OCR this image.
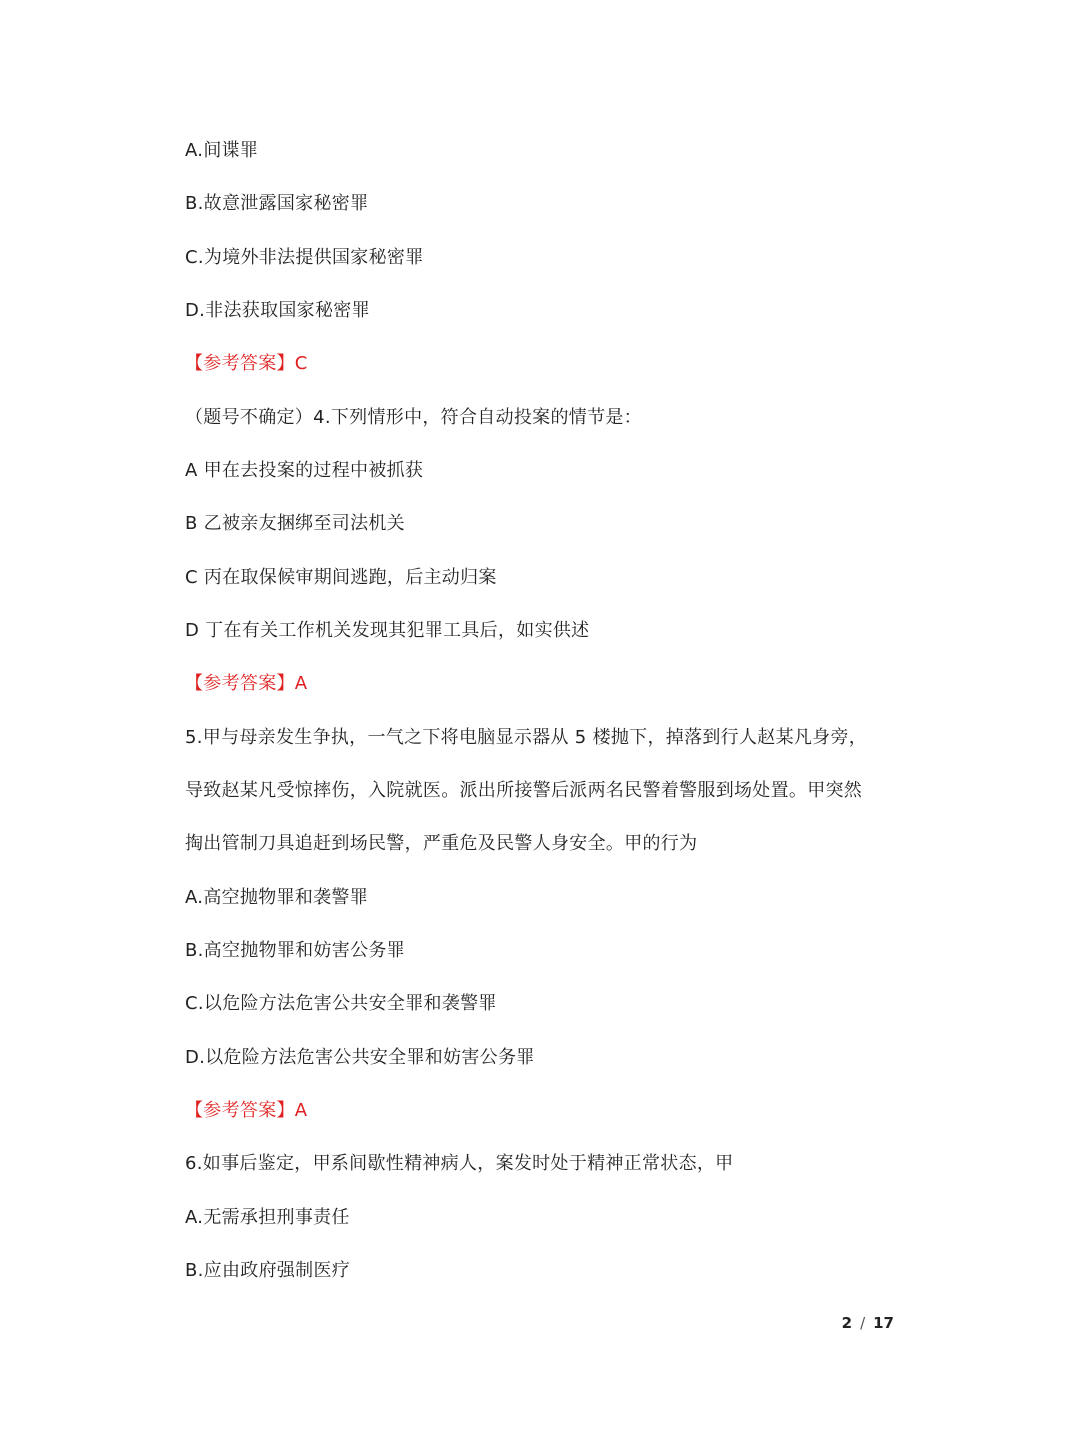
A.间谍罪
B.故意泄露国家秘密罪
C.为境外非法提供国家秘密罪
D.非法获取国家秘密罪
【参考答案】C
（题号不确定）4.下列情形中，符合自动投案的情节是：
A 甲在去投案的过程中被抓获
B 乙被亲友捆绑至司法机关
C 丙在取保候审期间逃跑，后主动归案
D 丁在有关工作机关发现其犯罪工具后，如实供述
【参考答案】A
5.甲与母亲发生争执，一气之下将电脑显示器从 5 楼抛下，掉落到行人赵某凡身旁，
导致赵某凡受惊摔伤，入院就医。派出所接警后派两名民警着警服到场处置。甲突然
掏出管制刀具追赶到场民警，严重危及民警人身安全。甲的行为
A.高空抛物罪和袭警罪
B.高空抛物罪和妨害公务罪
C.以危险方法危害公共安全罪和袭警罪
D.以危险方法危害公共安全罪和妨害公务罪
【参考答案】A
6.如事后鉴定，甲系间歇性精神病人，案发时处于精神正常状态，甲
A.无需承担刑事责任
B.应由政府强制医疗
2 / 17
